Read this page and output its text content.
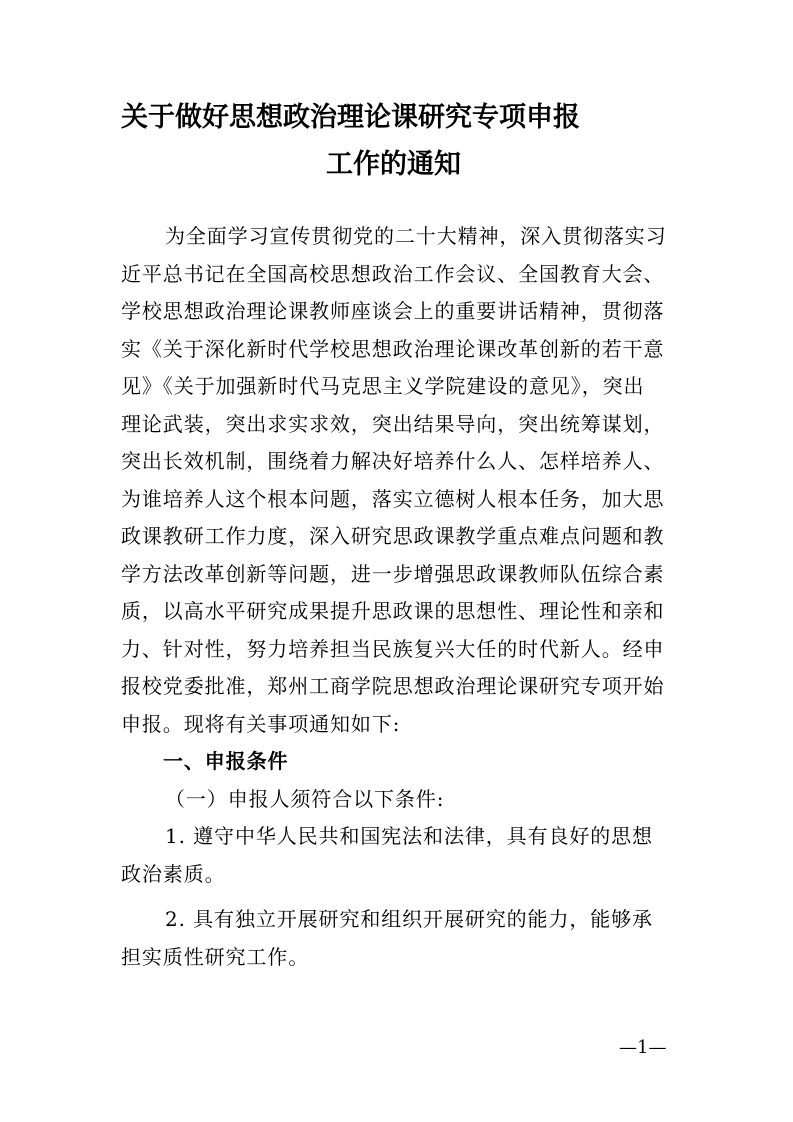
关于做好思想政治理论课研究专项申报
工作的通知
为全面学习宣传贯彻党的二十大精神，深入贯彻落实习
近平总书记在全国高校思想政治工作会议、全国教育大会、
学校思想政治理论课教师座谈会上的重要讲话精神，贯彻落
实《关于深化新时代学校思想政治理论课改革创新的若干意
见》《关于加强新时代马克思主义学院建设的意见》，突出
理论武装，突出求实求效，突出结果导向，突出统筹谋划，
突出长效机制，围绕着力解决好培养什么人、怎样培养人、
为谁培养人这个根本问题，落实立德树人根本任务，加大思
政课教研工作力度，深入研究思政课教学重点难点问题和教
学方法改革创新等问题，进一步增强思政课教师队伍综合素
质，以高水平研究成果提升思政课的思想性、理论性和亲和
力、针对性，努力培养担当民族复兴大任的时代新人。经申
报校党委批准，郑州工商学院思想政治理论课研究专项开始
申报。现将有关事项通知如下:
一、申报条件
（一）申报人须符合以下条件:
1. 遵守中华人民共和国宪法和法律，具有良好的思想
政治素质。
2. 具有独立开展研究和组织开展研究的能力，能够承
担实质性研究工作。
—1—
